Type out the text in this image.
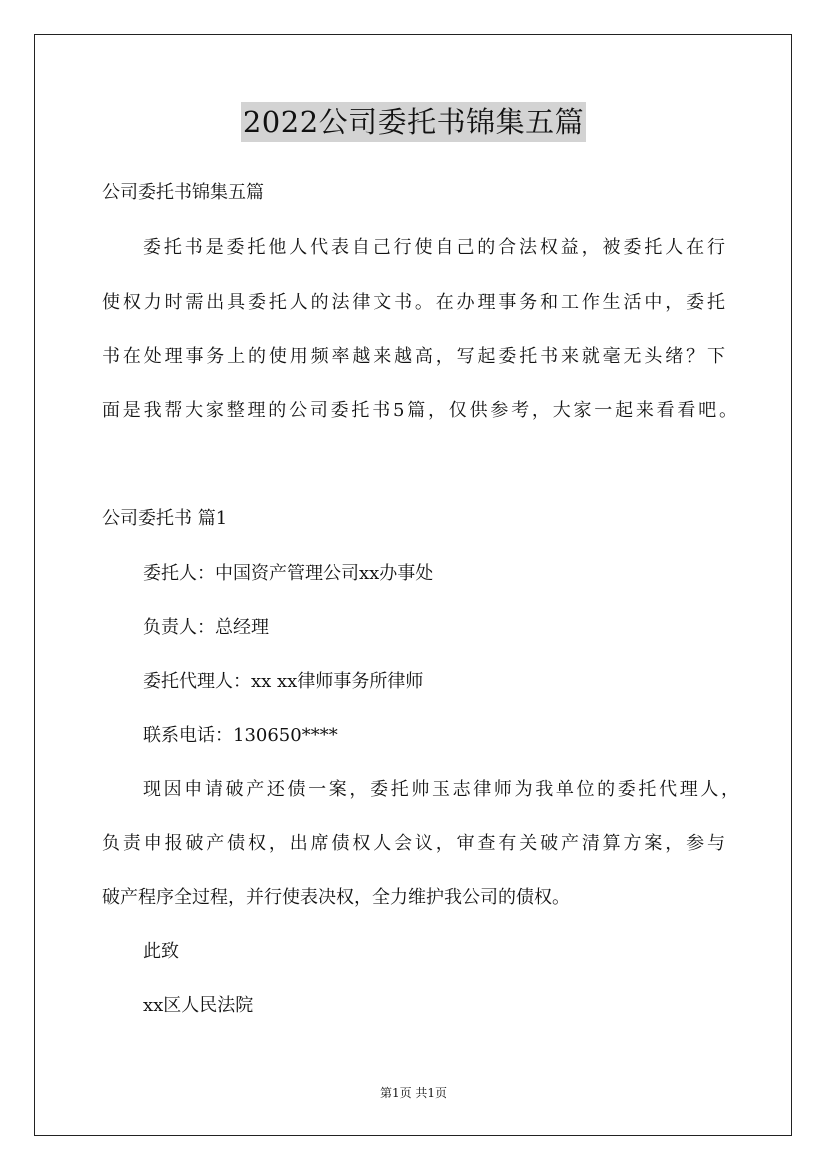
2022公司委托书锦集五篇
公司委托书锦集五篇
委托书是委托他人代表自己行使自己的合法权益，被委托人在行
使权力时需出具委托人的法律文书。在办理事务和工作生活中，委托
书在处理事务上的使用频率越来越高，写起委托书来就毫无头绪？下
面是我帮大家整理的公司委托书5篇，仅供参考，大家一起来看看吧。
公司委托书 篇1
委托人：中国资产管理公司xx办事处
负责人：总经理
委托代理人：xx xx律师事务所律师
联系电话：130650****
现因申请破产还债一案，委托帅玉志律师为我单位的委托代理人，
负责申报破产债权，出席债权人会议，审查有关破产清算方案，参与
破产程序全过程，并行使表决权，全力维护我公司的债权。
此致
xx区人民法院
第1页 共1页
